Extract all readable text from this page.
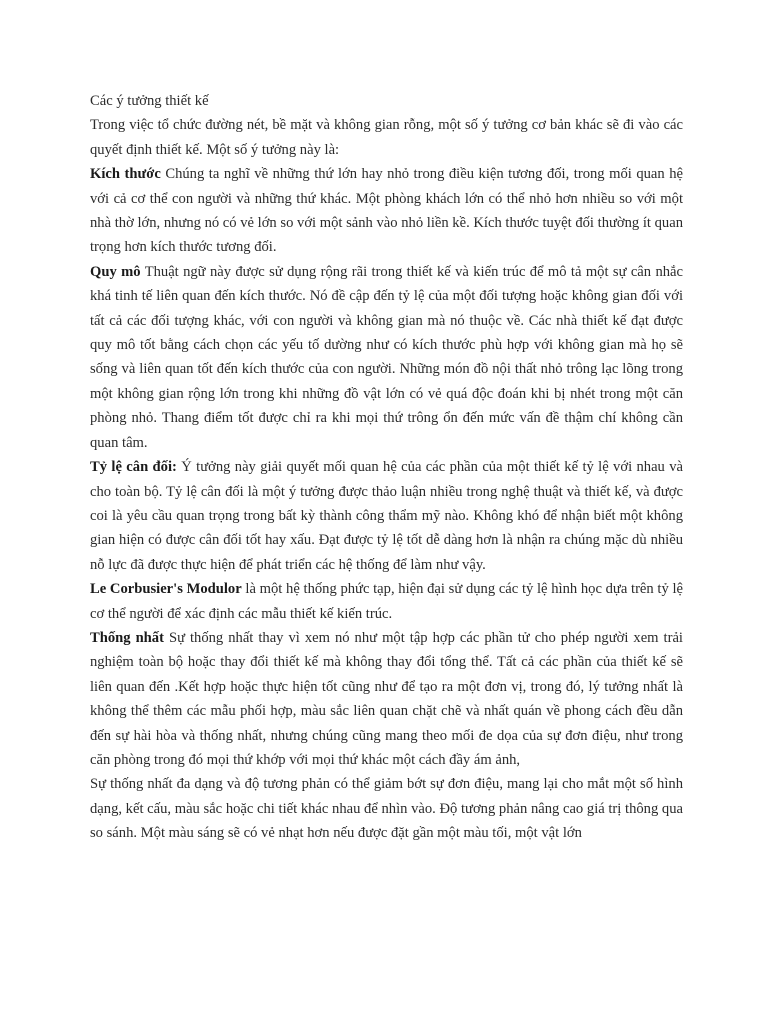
Các ý tưởng thiết kế

Trong việc tổ chức đường nét, bề mặt và không gian rỗng, một số ý tưởng cơ bản khác sẽ đi vào các quyết định thiết kế. Một số ý tưởng này là:

Kích thước Chúng ta nghĩ về những thứ lớn hay nhỏ trong điều kiện tương đối, trong mối quan hệ với cả cơ thể con người và những thứ khác. Một phòng khách lớn có thể nhỏ hơn nhiều so với một nhà thờ lớn, nhưng nó có vẻ lớn so với một sảnh vào nhỏ liền kề. Kích thước tuyệt đối thường ít quan trọng hơn kích thước tương đối.

Quy mô Thuật ngữ này được sử dụng rộng rãi trong thiết kế và kiến trúc để mô tả một sự cân nhắc khá tinh tế liên quan đến kích thước. Nó đề cập đến tỷ lệ của một đối tượng hoặc không gian đối với tất cả các đối tượng khác, với con người và không gian mà nó thuộc về. Các nhà thiết kế đạt được quy mô tốt bằng cách chọn các yếu tố dường như có kích thước phù hợp với không gian mà họ sẽ sống và liên quan tốt đến kích thước của con người. Những món đồ nội thất nhỏ trông lạc lõng trong một không gian rộng lớn trong khi những đồ vật lớn có vẻ quá độc đoán khi bị nhét trong một căn phòng nhỏ. Thang điểm tốt được chỉ ra khi mọi thứ trông ổn đến mức vấn đề thậm chí không cần quan tâm.

Tỷ lệ cân đối: Ý tưởng này giải quyết mối quan hệ của các phần của một thiết kế tỷ lệ với nhau và cho toàn bộ. Tỷ lệ cân đối là một ý tưởng được thảo luận nhiều trong nghệ thuật và thiết kế, và được coi là yêu cầu quan trọng trong bất kỳ thành công thẩm mỹ nào. Không khó để nhận biết một không gian hiện có được cân đối tốt hay xấu. Đạt được tỷ lệ tốt dễ dàng hơn là nhận ra chúng mặc dù nhiều nỗ lực đã được thực hiện để phát triển các hệ thống để làm như vậy.

Le Corbusier's Modulor là một hệ thống phức tạp, hiện đại sử dụng các tỷ lệ hình học dựa trên tỷ lệ cơ thể người để xác định các mẫu thiết kế kiến trúc.

Thống nhất Sự thống nhất thay vì xem nó như một tập hợp các phần tử cho phép người xem trải nghiệm toàn bộ hoặc thay đổi thiết kế mà không thay đổi tổng thể. Tất cả các phần của thiết kế sẽ liên quan đến .Kết hợp hoặc thực hiện tốt cũng như để tạo ra một đơn vị, trong đó, lý tưởng nhất là không thể thêm các mẫu phối hợp, màu sắc liên quan chặt chẽ và nhất quán về phong cách đều dẫn đến sự hài hòa và thống nhất, nhưng chúng cũng mang theo mối đe dọa của sự đơn điệu, như trong căn phòng trong đó mọi thứ khớp với mọi thứ khác một cách đầy ám ảnh,

Sự thống nhất đa dạng và độ tương phản có thể giảm bớt sự đơn điệu, mang lại cho mắt một số hình dạng, kết cấu, màu sắc hoặc chi tiết khác nhau để nhìn vào. Độ tương phản nâng cao giá trị thông qua so sánh. Một màu sáng sẽ có vẻ nhạt hơn nếu được đặt gần một màu tối, một vật lớn
